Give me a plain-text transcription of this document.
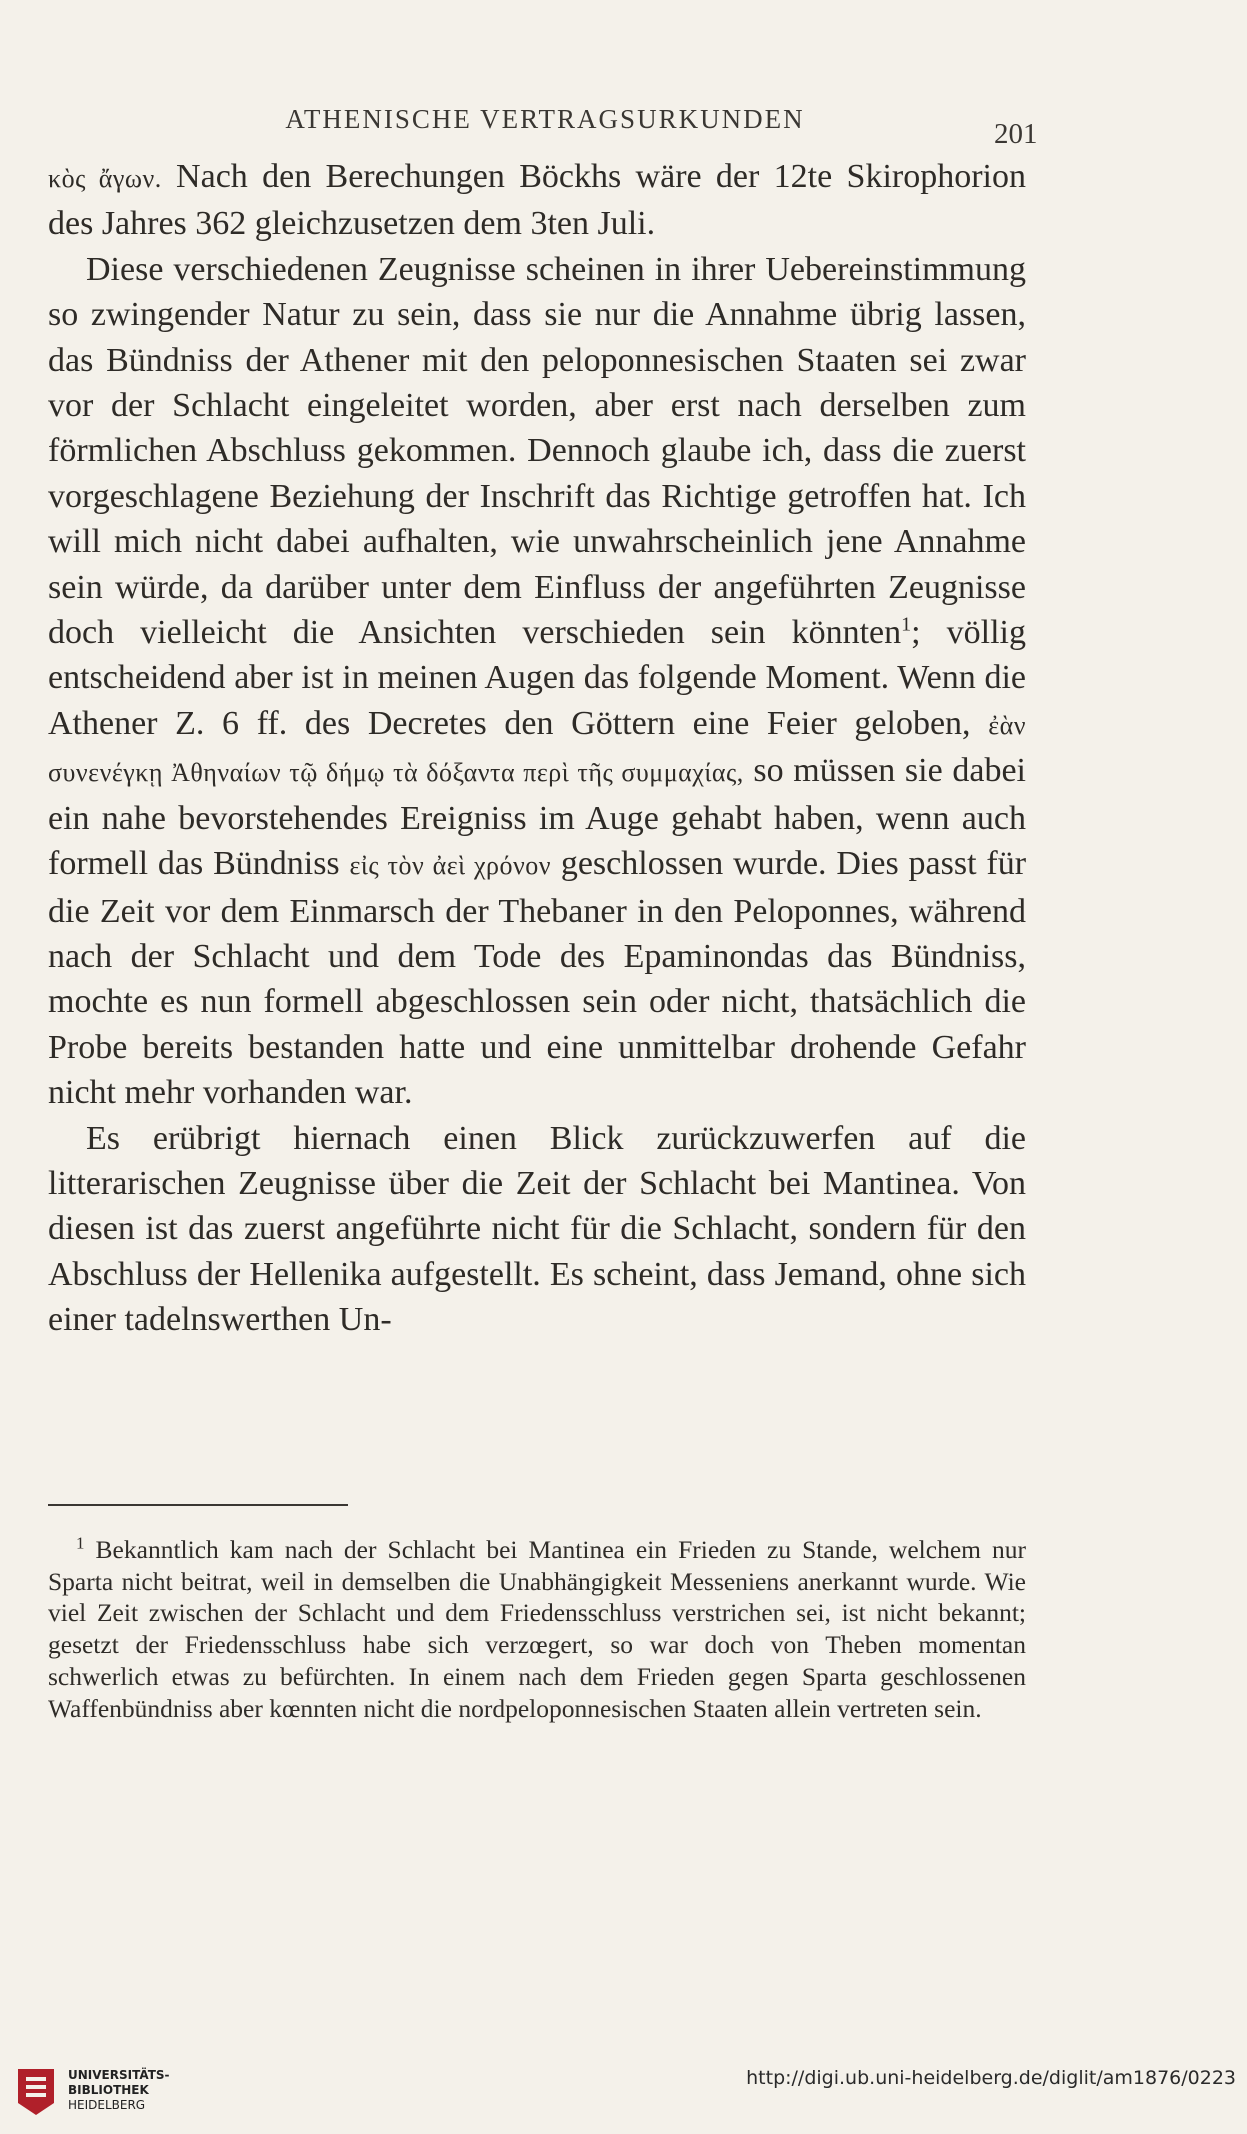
ATHENISCHE VERTRAGSURKUNDEN	201

κὸς ἄγων. Nach den Berechungen Böckhs wäre der 12te Skirophorion des Jahres 362 gleichzusetzen dem 3ten Juli.

Diese verschiedenen Zeugnisse scheinen in ihrer Uebereinstimmung so zwingender Natur zu sein, dass sie nur die Annahme übrig lassen, das Bündniss der Athener mit den peloponnesischen Staaten sei zwar vor der Schlacht eingeleitet worden, aber erst nach derselben zum förmlichen Abschluss gekommen. Dennoch glaube ich, dass die zuerst vorgeschlagene Beziehung der Inschrift das Richtige getroffen hat. Ich will mich nicht dabei aufhalten, wie unwahrscheinlich jene Annahme sein würde, da darüber unter dem Einfluss der angeführten Zeugnisse doch vielleicht die Ansichten verschieden sein könnten$^1$; völlig entscheidend aber ist in meinen Augen das folgende Moment. Wenn die Athener Z. 6 ff. des Decretes den Göttern eine Feier geloben, ἐὰν συνενέγκῃ Ἀθηναίων τῷ δήμῳ τὰ δόξαντα περὶ τῆς συμμαχίας, so müssen sie dabei ein nahe bevorstehendes Ereigniss im Auge gehabt haben, wenn auch formell das Bündniss εἰς τὸν ἀεὶ χρόνον geschlossen wurde. Dies passt für die Zeit vor dem Einmarsch der Thebaner in den Peloponnes, während nach der Schlacht und dem Tode des Epaminondas das Bündniss, mochte es nun formell abgeschlossen sein oder nicht, thatsächlich die Probe bereits bestanden hatte und eine unmittelbar drohende Gefahr nicht mehr vorhanden war.

Es erübrigt hiernach einen Blick zurückzuwerfen auf die litterarischen Zeugnisse über die Zeit der Schlacht bei Mantinea. Von diesen ist das zuerst angeführte nicht für die Schlacht, sondern für den Abschluss der Hellenika aufgestellt. Es scheint, dass Jemand, ohne sich einer tadelnswerthen Un-

$^1$ Bekanntlich kam nach der Schlacht bei Mantinea ein Frieden zu Stande, welchem nur Sparta nicht beitrat, weil in demselben die Unabhängigkeit Messeniens anerkannt wurde. Wie viel Zeit zwischen der Schlacht und dem Friedensschluss verstrichen sei, ist nicht bekannt; gesetzt der Friedensschluss habe sich verzœgert, so war doch von Theben momentan schwerlich etwas zu befürchten. In einem nach dem Frieden gegen Sparta geschlossenen Waffenbündniss aber kœnnten nicht die nordpeloponnesischen Staaten allein vertreten sein.

UNIVERSITÄTS-
BIBLIOTHEK
HEIDELBERG
http://digi.ub.uni-heidelberg.de/diglit/am1876/0223
